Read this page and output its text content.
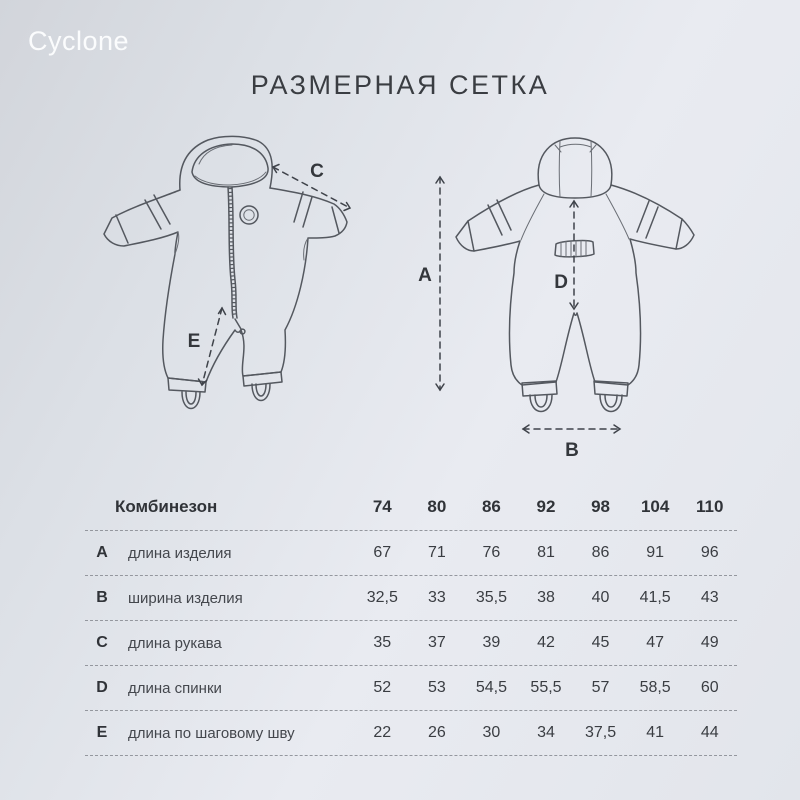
Cyclone
РАЗМЕРНАЯ СЕТКА
C
E
A	D
B
Комбинезон	74	80	86	92	98	104	110
A	длина изделия	67	71	76	81	86	91	96
B	ширина изделия	32,5	33	35,5	38	40	41,5	43
C	длина рукава	35	37	39	42	45	47	49
D	длина спинки	52	53	54,5	55,5	57	58,5	60
E	длина по шаговому шву	22	26	30	34	37,5	41	44
